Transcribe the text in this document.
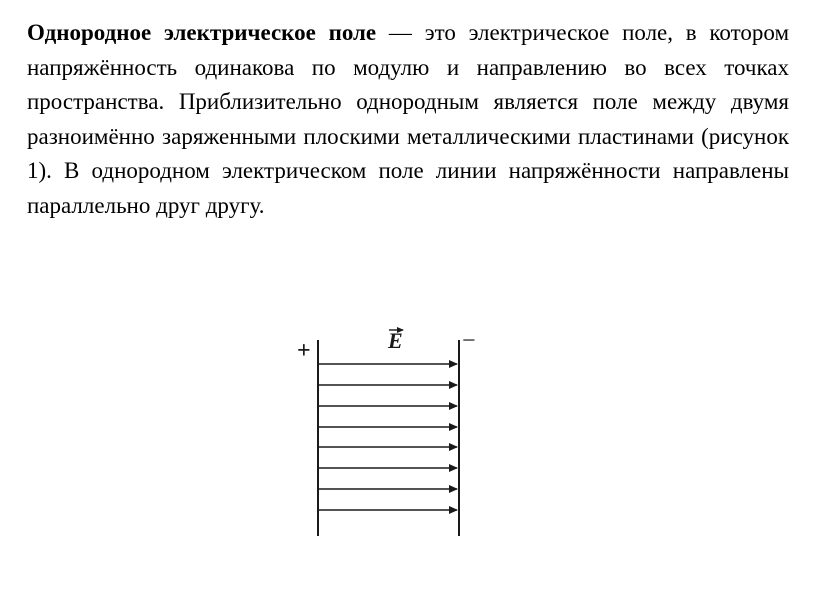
Однородное электрическое поле — это электрическое поле, в котором напряжённость одинакова по модулю и направлению во всех точках пространства. Приблизительно однородным является поле между двумя разноимённо заряженными плоскими металлическими пластинами (рисунок 1). В однородном электрическом поле линии напряжённости направлены параллельно друг другу.

+	−
E
